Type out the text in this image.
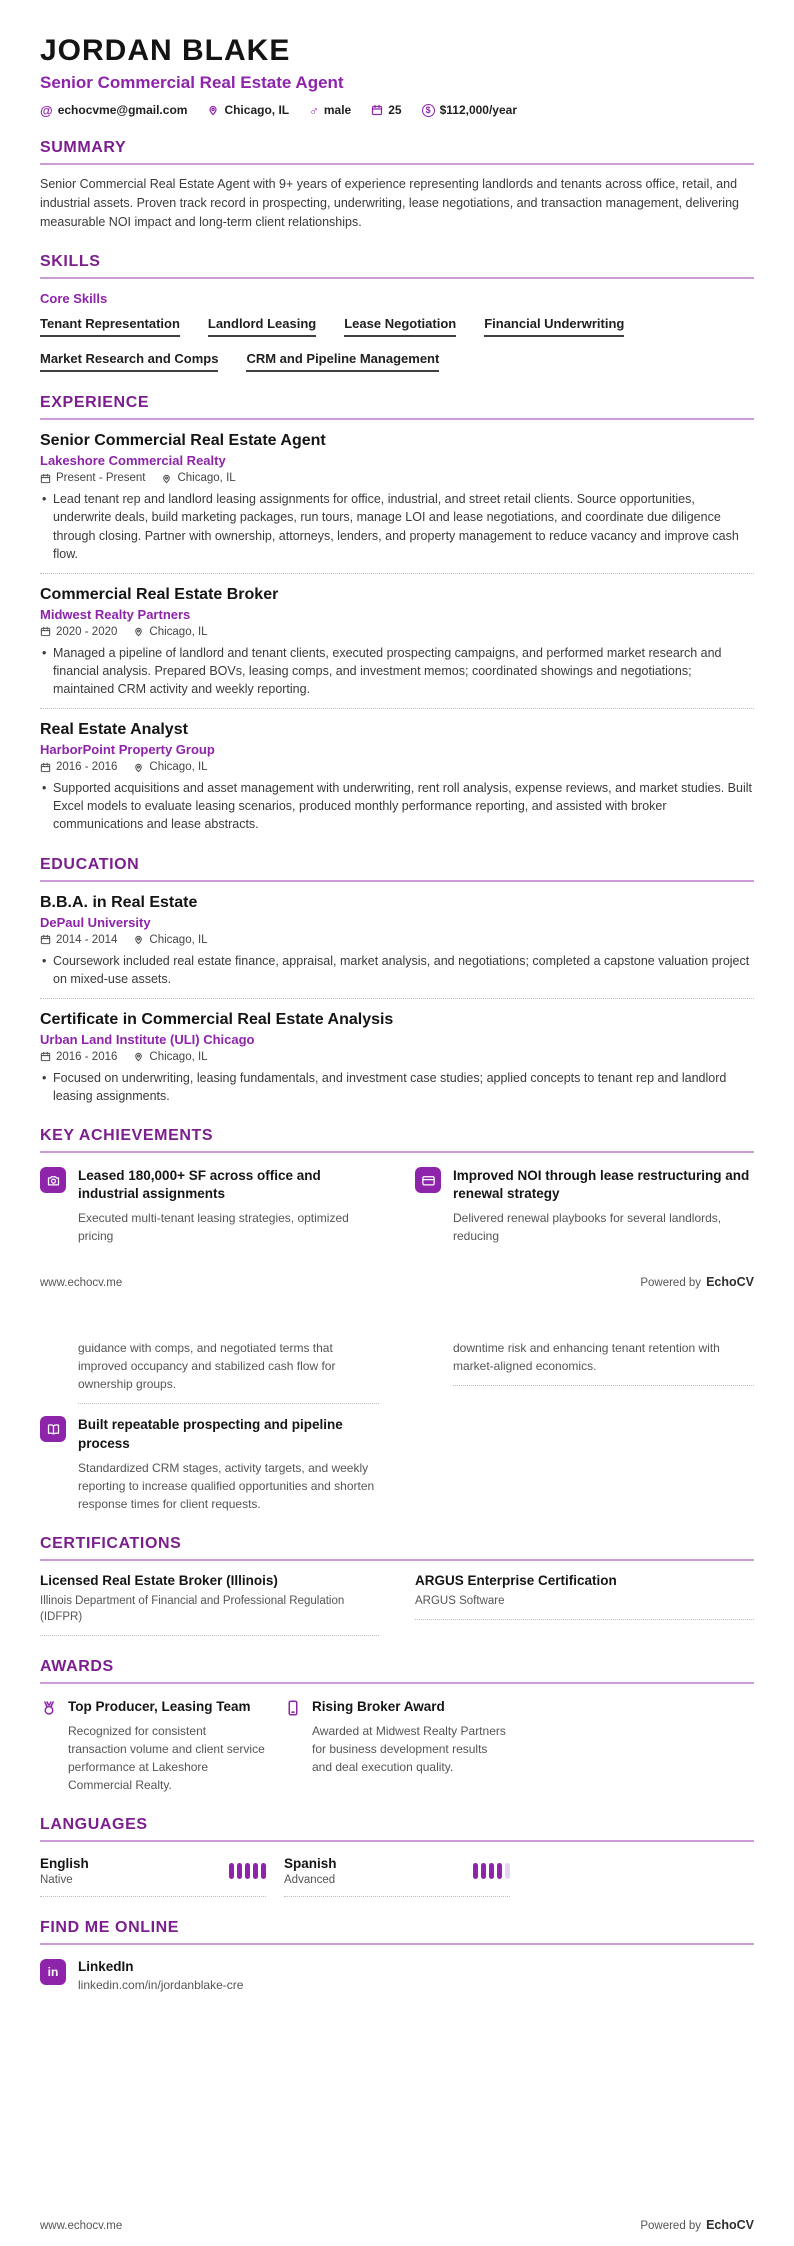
JORDAN BLAKE
Senior Commercial Real Estate Agent
@ echocvme@gmail.com	Chicago, IL ♂ male	25	$ $112,000/year
SUMMARY
Senior Commercial Real Estate Agent with 9+ years of experience representing landlords and tenants across office, retail, and industrial assets. Proven track record in prospecting, underwriting, lease negotiations, and transaction management, delivering measurable NOI impact and long-term client relationships.
SKILLS
Core Skills
Tenant Representation Landlord Leasing Lease Negotiation Financial Underwriting
Market Research and Comps CRM and Pipeline Management
EXPERIENCE
Senior Commercial Real Estate Agent
Lakeshore Commercial Realty
Present - Present	Chicago, IL
• Lead tenant rep and landlord leasing assignments for office, industrial, and street retail clients. Source opportunities, underwrite deals, build marketing packages, run tours, manage LOI and lease negotiations, and coordinate due diligence through closing. Partner with ownership, attorneys, lenders, and property management to reduce vacancy and improve cash flow.
Commercial Real Estate Broker
Midwest Realty Partners
2020 - 2020	Chicago, IL
• Managed a pipeline of landlord and tenant clients, executed prospecting campaigns, and performed market research and financial analysis. Prepared BOVs, leasing comps, and investment memos; coordinated showings and negotiations; maintained CRM activity and weekly reporting.
Real Estate Analyst
HarborPoint Property Group
2016 - 2016	Chicago, IL
• Supported acquisitions and asset management with underwriting, rent roll analysis, expense reviews, and market studies. Built Excel models to evaluate leasing scenarios, produced monthly performance reporting, and assisted with broker communications and lease abstracts.
EDUCATION
B.B.A. in Real Estate
DePaul University
2014 - 2014	Chicago, IL
• Coursework included real estate finance, appraisal, market analysis, and negotiations; completed a capstone valuation project on mixed-use assets.
Certificate in Commercial Real Estate Analysis
Urban Land Institute (ULI) Chicago
2016 - 2016	Chicago, IL
• Focused on underwriting, leasing fundamentals, and investment case studies; applied concepts to tenant rep and landlord leasing assignments.
KEY ACHIEVEMENTS
Leased 180,000+ SF across office and industrial assignments
Executed multi-tenant leasing strategies, optimized pricing
Improved NOI through lease restructuring and renewal strategy
Delivered renewal playbooks for several landlords, reducing
www.echocv.me	Powered by EchoCV
guidance with comps, and negotiated terms that improved occupancy and stabilized cash flow for ownership groups.
downtime risk and enhancing tenant retention with market-aligned economics.
Built repeatable prospecting and pipeline process
Standardized CRM stages, activity targets, and weekly reporting to increase qualified opportunities and shorten response times for client requests.
CERTIFICATIONS
Licensed Real Estate Broker (Illinois)
Illinois Department of Financial and Professional Regulation (IDFPR)
ARGUS Enterprise Certification
ARGUS Software
AWARDS
Top Producer, Leasing Team
Recognized for consistent transaction volume and client service performance at Lakeshore Commercial Realty.
Rising Broker Award
Awarded at Midwest Realty Partners for business development results and deal execution quality.
LANGUAGES
English
Native
Spanish
Advanced
FIND ME ONLINE
in	LinkedIn
linkedin.com/in/jordanblake-cre
www.echocv.me	Powered by EchoCV
